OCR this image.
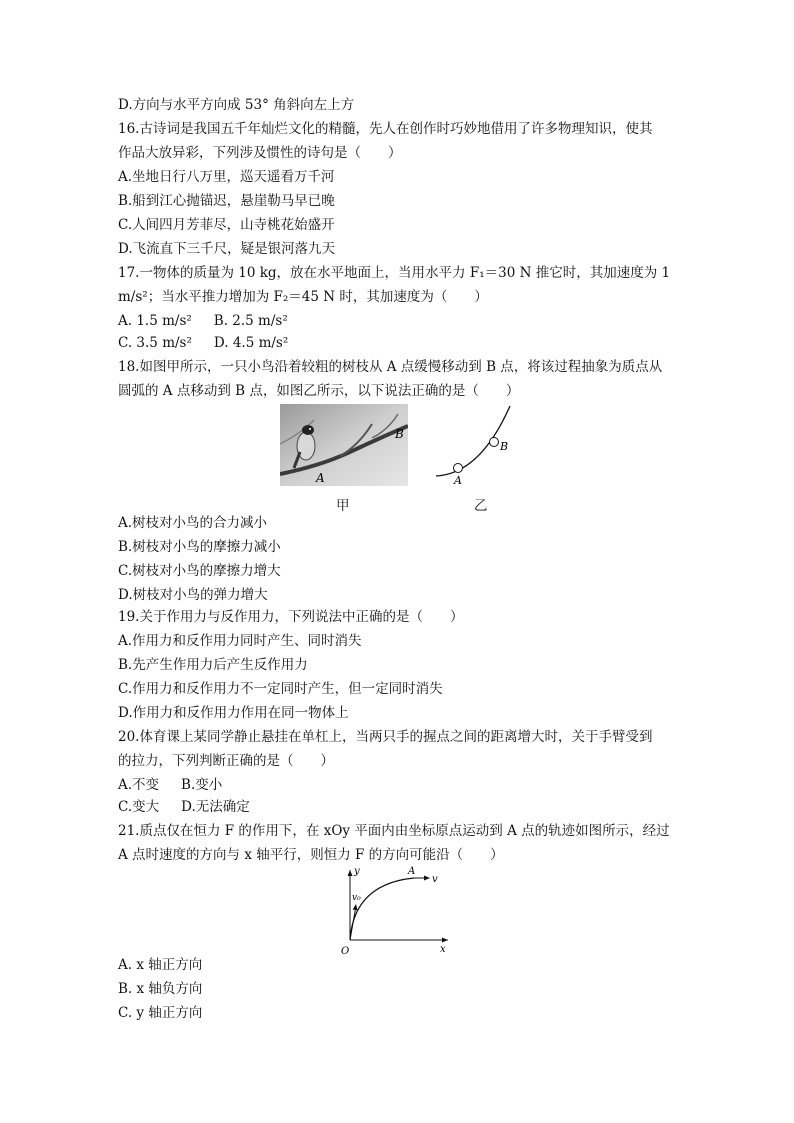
D.方向与水平方向成 53° 角斜向左上方
16.古诗词是我国五千年灿烂文化的精髓，先人在创作时巧妙地借用了许多物理知识，使其
作品大放异彩，下列涉及惯性的诗句是（　　）
A.坐地日行八万里，巡天遥看万千河
B.船到江心抛锚迟，悬崖勒马早已晚
C.人间四月芳菲尽，山寺桃花始盛开
D.飞流直下三千尺，疑是银河落九天
17.一物体的质量为 10 kg，放在水平地面上，当用水平力 F₁＝30 N 推它时，其加速度为 1
m/s²；当水平推力增加为 F₂＝45 N 时，其加速度为（　　）
A. 1.5 m/s² B. 2.5 m/s²
C. 3.5 m/s² D. 4.5 m/s²
18.如图甲所示，一只小鸟沿着较粗的树枝从 A 点缓慢移动到 B 点，将该过程抽象为质点从
圆弧的 A 点移动到 B 点，如图乙所示，以下说法正确的是（　　）
A
B
A
B
甲	乙
A.树枝对小鸟的合力减小
B.树枝对小鸟的摩擦力减小
C.树枝对小鸟的摩擦力增大
D.树枝对小鸟的弹力增大
19.关于作用力与反作用力，下列说法中正确的是（　　）
A.作用力和反作用力同时产生、同时消失
B.先产生作用力后产生反作用力
C.作用力和反作用力不一定同时产生，但一定同时消失
D.作用力和反作用力作用在同一物体上
20.体育课上某同学静止悬挂在单杠上，当两只手的握点之间的距离增大时，关于手臂受到
的拉力，下列判断正确的是（　　）
A.不变 B.变小
C.变大 D.无法确定
21.质点仅在恒力 F 的作用下，在 xOy 平面内由坐标原点运动到 A 点的轨迹如图所示，经过
A 点时速度的方向与 x 轴平行，则恒力 F 的方向可能沿（　　）
y
x
O
A
v
v₀
A. x 轴正方向
B. x 轴负方向
C. y 轴正方向
